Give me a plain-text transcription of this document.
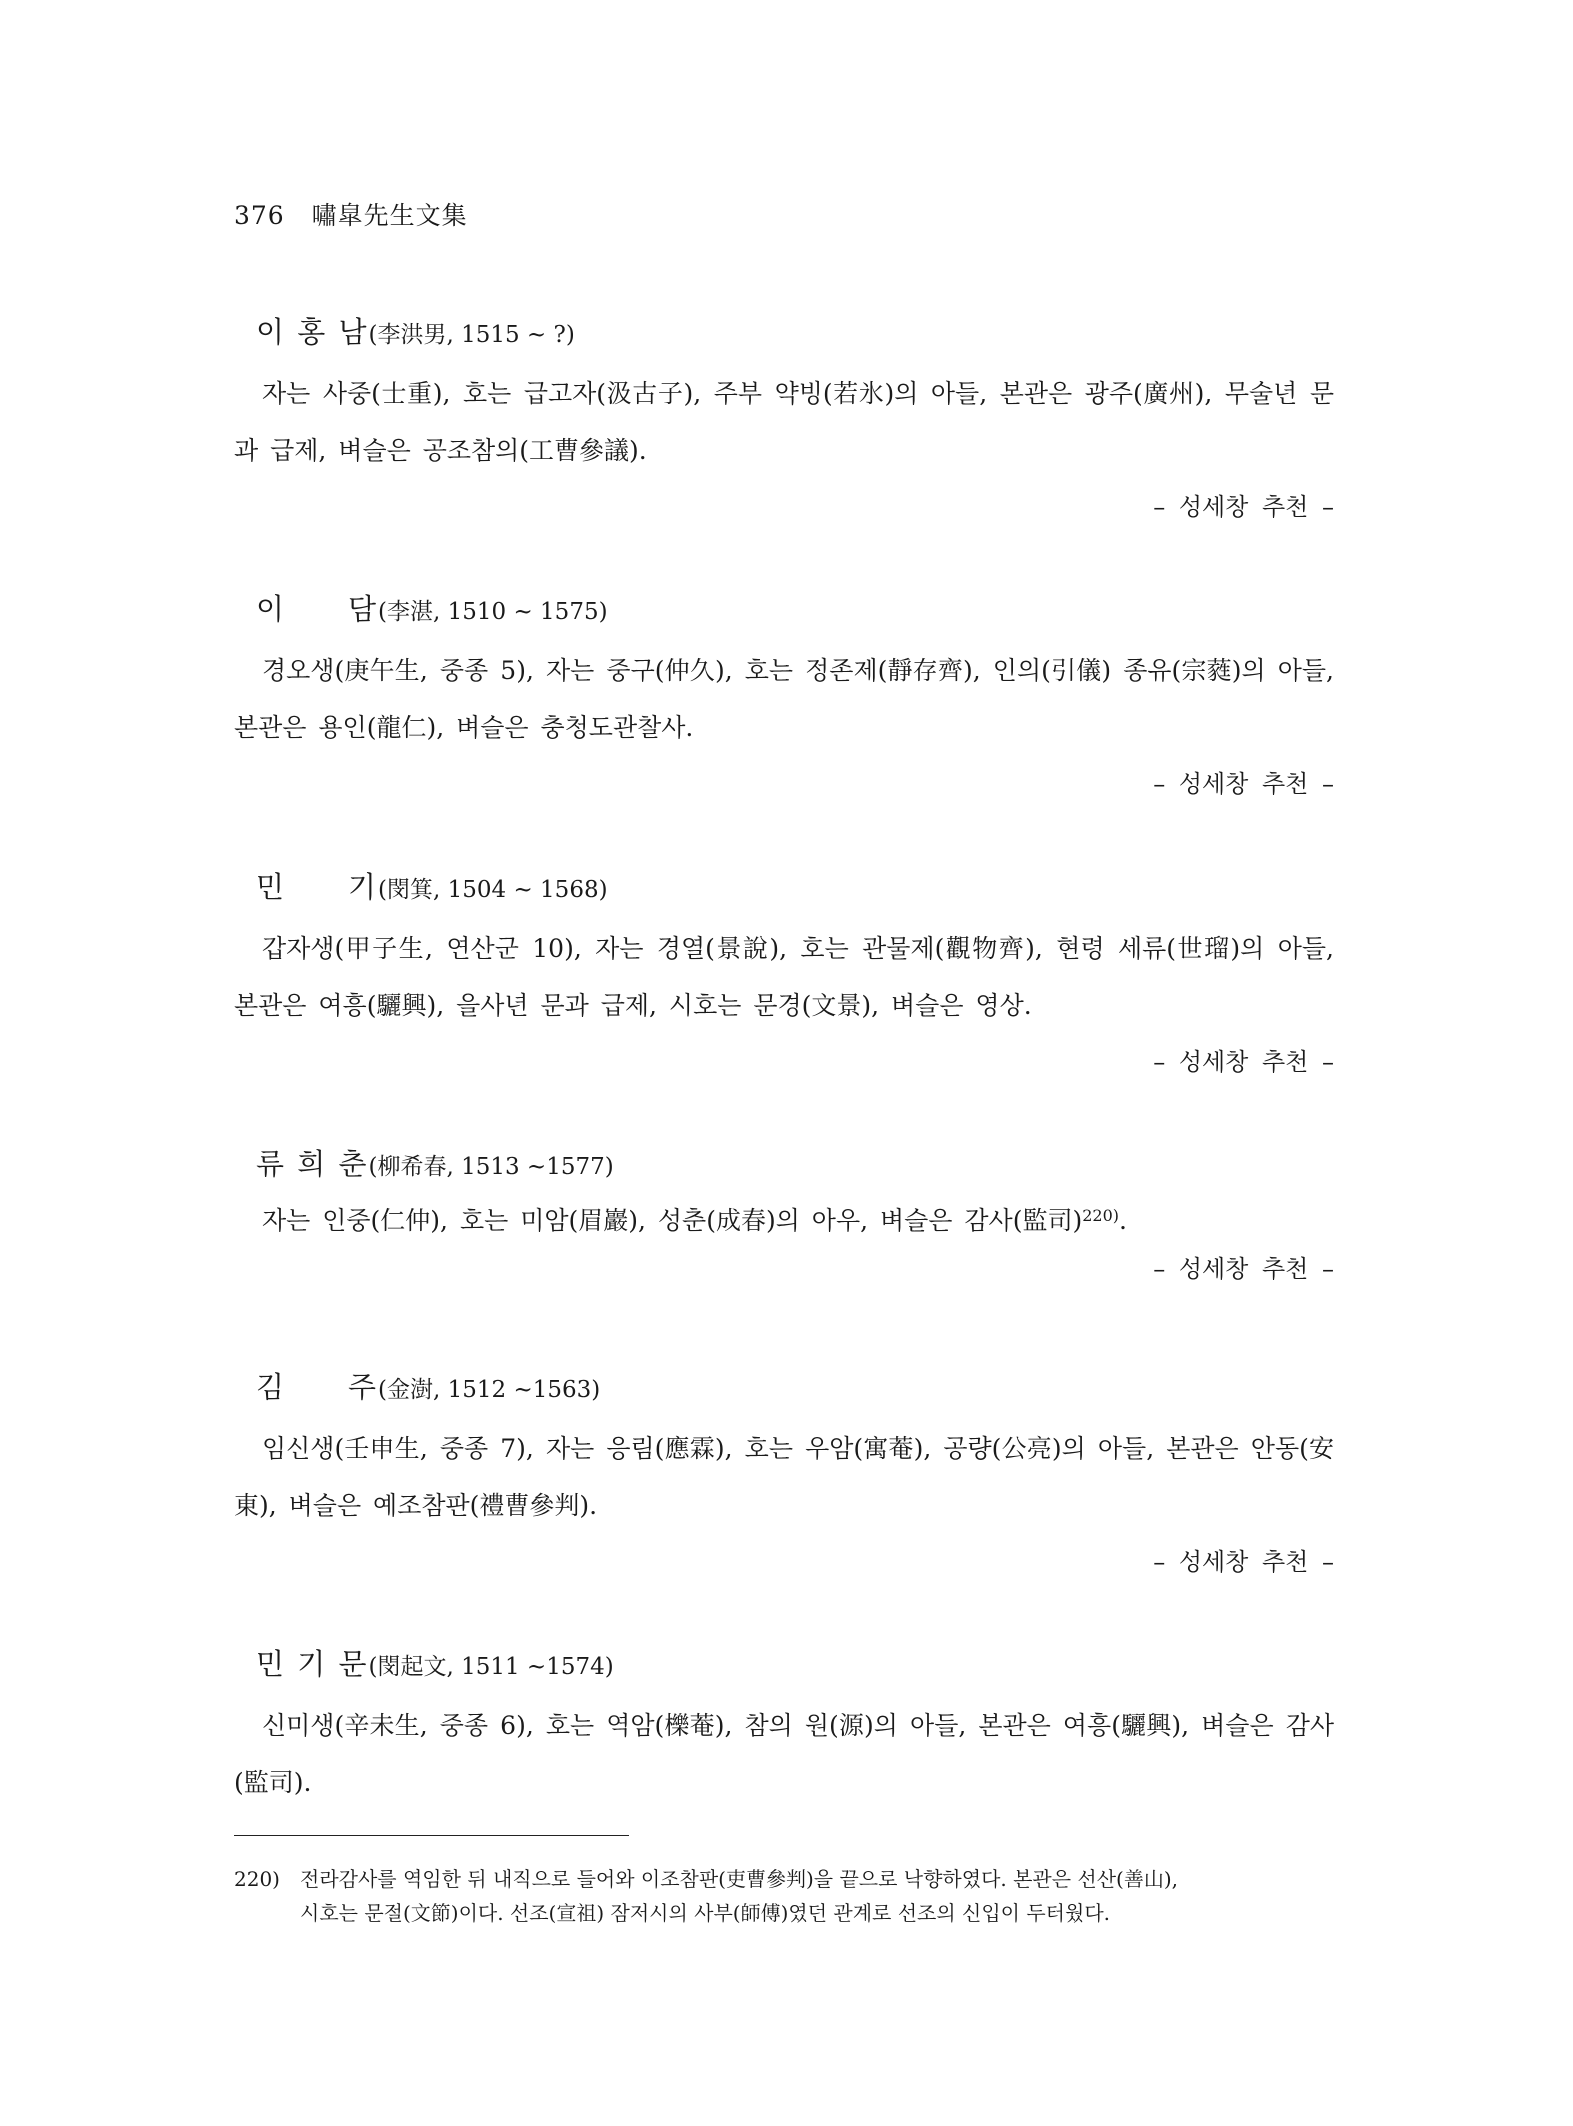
376 嘯皐先生文集
이 홍 남(李洪男, 1515 ~ ?)
자는 사중(士重), 호는 급고자(汲古子), 주부 약빙(若氷)의 아들, 본관은 광주(廣州), 무술년 문과 급제, 벼슬은 공조참의(工曹參議).
– 성세창 추천 –
이　　담(李湛, 1510 ~ 1575)
경오생(庚午生, 중종 5), 자는 중구(仲久), 호는 정존제(靜存齊), 인의(引儀) 종유(宗蕤)의 아들, 본관은 용인(龍仁), 벼슬은 충청도관찰사.
– 성세창 추천 –
민　　기(閔箕, 1504 ~ 1568)
갑자생(甲子生, 연산군 10), 자는 경열(景說), 호는 관물제(觀物齊), 현령 세류(世瑠)의 아들, 본관은 여흥(驪興), 을사년 문과 급제, 시호는 문경(文景), 벼슬은 영상.
– 성세창 추천 –
류 희 춘(柳希春, 1513 ~1577)
자는 인중(仁仲), 호는 미암(眉巖), 성춘(成春)의 아우, 벼슬은 감사(監司)$^{220)}$.
– 성세창 추천 –
김　　주(金澍, 1512 ~1563)
임신생(壬申生, 중종 7), 자는 응림(應霖), 호는 우암(寓菴), 공량(公亮)의 아들, 본관은 안동(安東), 벼슬은 예조참판(禮曹參判).
– 성세창 추천 –
민 기 문(閔起文, 1511 ~1574)
신미생(辛未生, 중종 6), 호는 역암(櫟菴), 참의 원(源)의 아들, 본관은 여흥(驪興), 벼슬은 감사(監司).
220) 전라감사를 역임한 뒤 내직으로 들어와 이조참판(吏曹參判)을 끝으로 낙향하였다. 본관은 선산(善山),
시호는 문절(文節)이다. 선조(宣祖) 잠저시의 사부(師傅)였던 관계로 선조의 신입이 두터웠다.
